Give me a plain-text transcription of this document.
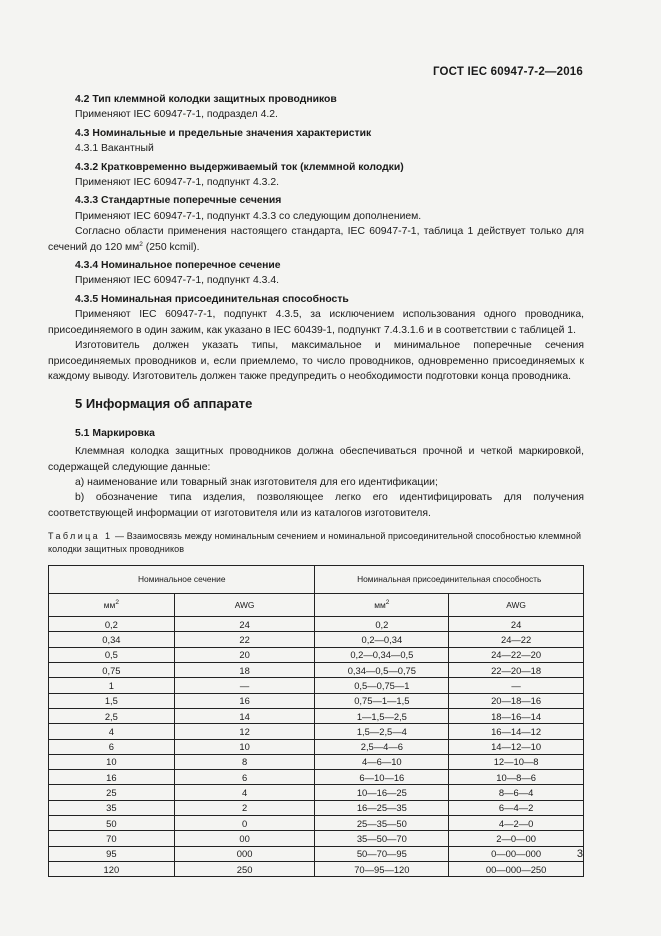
ГОСТ IEC 60947-7-2—2016

4.2 Тип клеммной колодки защитных проводников

Применяют IEC 60947-7-1, подраздел 4.2.

4.3 Номинальные и предельные значения характеристик

4.3.1 Вакантный

4.3.2 Кратковременно выдерживаемый ток (клеммной колодки)

Применяют IEC 60947-7-1, подпункт 4.3.2.

4.3.3 Стандартные поперечные сечения

Применяют IEC 60947-7-1, подпункт 4.3.3 со следующим дополнением.

Согласно области применения настоящего стандарта, IEC 60947-7-1, таблица 1 действует только для сечений до 120 $мм^2$ (250 kcmil).

4.3.4 Номинальное поперечное сечение

Применяют IEC 60947-7-1, подпункт 4.3.4.

4.3.5 Номинальная присоединительная способность

Применяют IEC 60947-7-1, подпункт 4.3.5, за исключением использования одного проводника, присоединяемого в один зажим, как указано в IEC 60439-1, подпункт 7.4.3.1.6 и в соответствии с таблицей 1.

Изготовитель должен указать типы, максимальное и минимальное поперечные сечения присоединяемых проводников и, если приемлемо, то число проводников, одновременно присоединяемых к каждому выводу. Изготовитель должен также предупредить о необходимости подготовки конца проводника.

5 Информация об аппарате

5.1 Маркировка

Клеммная колодка защитных проводников должна обеспечиваться прочной и четкой маркировкой, содержащей следующие данные:

a) наименование или товарный знак изготовителя для его идентификации;

b) обозначение типа изделия, позволяющее легко его идентифицировать для получения соответствующей информации от изготовителя или из каталогов изготовителя.

Таблица 1 — Взаимосвязь между номинальным сечением и номинальной присоединительной способностью клеммной колодки защитных проводников

Номинальное сечение		Номинальная присоединительная способность	
$мм^2$	AWG	$мм^2$	AWG
0,2	24	0,2	24
0,34	22	0,2—0,34	24—22
0,5	20	0,2—0,34—0,5	24—22—20
0,75	18	0,34—0,5—0,75	22—20—18
1	—	0,5—0,75—1	—
1,5	16	0,75—1—1,5	20—18—16
2,5	14	1—1,5—2,5	18—16—14
4	12	1,5—2,5—4	16—14—12
6	10	2,5—4—6	14—12—10
10	8	4—6—10	12—10—8
16	6	6—10—16	10—8—6
25	4	10—16—25	8—6—4
35	2	16—25—35	6—4—2
50	0	25—35—50	4—2—0
70	00	35—50—70	2—0—00
95	000	50—70—95	0—00—000
120	250	70—95—120	00—000—250
3
